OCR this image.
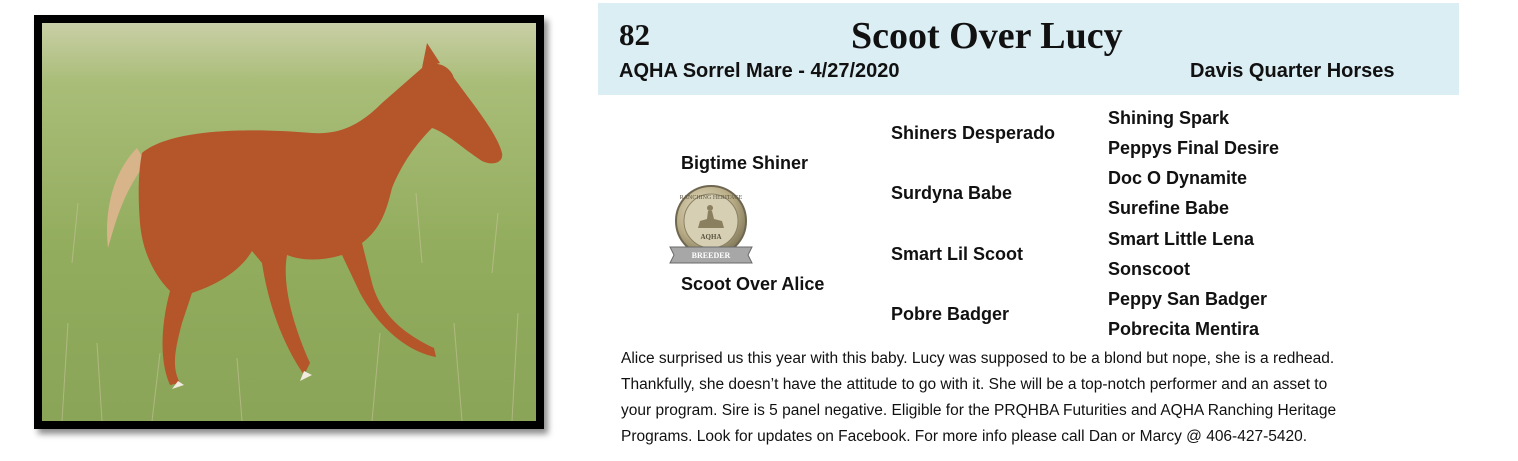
82	Scoot Over Lucy
AQHA Sorrel Mare - 4/27/2020	Davis Quarter Horses
Bigtime Shiner
Scoot Over Alice
Shiners Desperado
Surdyna Babe
Smart Lil Scoot
Pobre Badger
Shining Spark
Peppys Final Desire
Doc O Dynamite
Surefine Babe
Smart Little Lena
Sonscoot
Peppy San Badger
Pobrecita Mentira
RANCHING HERITAGE
AQHA
BREEDER

Alice surprised us this year with this baby. Lucy was supposed to be a blond but nope, she is a redhead.

Thankfully, she doesn’t have the attitude to go with it. She will be a top-notch performer and an asset to

your program. Sire is 5 panel negative. Eligible for the PRQHBA Futurities and AQHA Ranching Heritage

Programs. Look for updates on Facebook. For more info please call Dan or Marcy @ 406-427-5420.
